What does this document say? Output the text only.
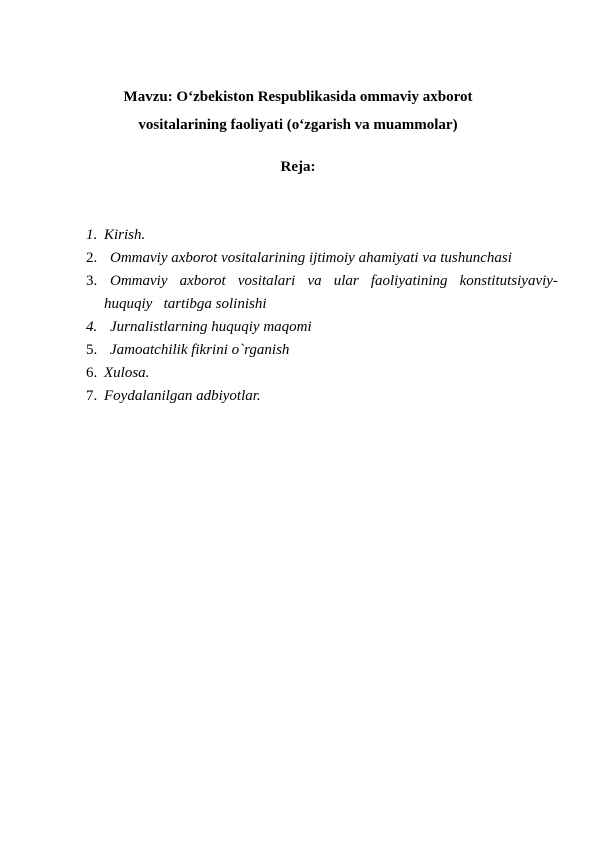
Mavzu: O‘zbekiston Respublikasida ommaviy axborot
vositalarining faoliyati (o‘zgarish va muammolar)
Reja:
1. Kirish.
2. Ommaviy axborot vositalarining ijtimoiy ahamiyati va tushunchasi
3. Ommaviy axborot vositalari va ular faoliyatining konstitutsiyaviy-
huquqiy   tartibga solinishi
4. Jurnalistlarning huquqiy maqomi
5. Jamoatchilik fikrini o`rganish
6. Xulosa.
7. Foydalanilgan adbiyotlar.
